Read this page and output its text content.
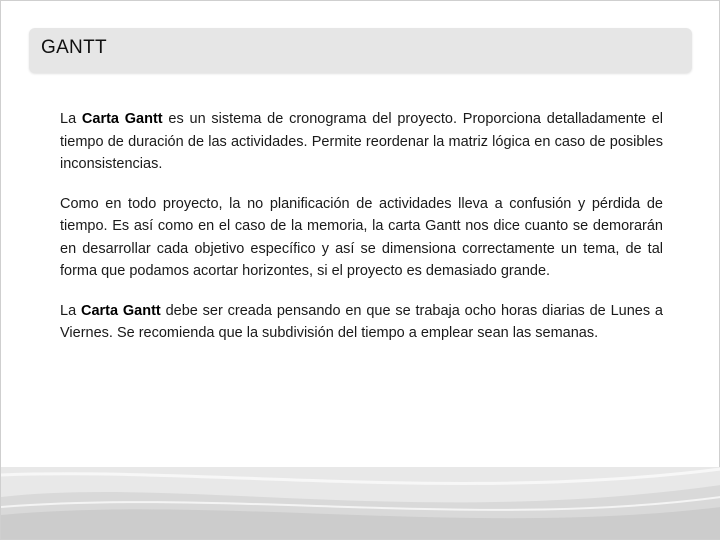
GANTT

La Carta Gantt es un sistema de cronograma del proyecto. Proporciona detalladamente el tiempo de duración de las actividades. Permite reordenar la matriz lógica en caso de posibles inconsistencias.

Como en todo proyecto, la no planificación de actividades lleva a confusión y pérdida de tiempo. Es así como en el caso de la memoria, la carta Gantt nos dice cuanto se demorarán en desarrollar cada objetivo específico y así se dimensiona correctamente un tema, de tal forma que podamos acortar horizontes, si el proyecto es demasiado grande.

La Carta Gantt debe ser creada pensando en que se trabaja ocho horas diarias de Lunes a Viernes. Se recomienda que la subdivisión del tiempo a emplear sean las semanas.
